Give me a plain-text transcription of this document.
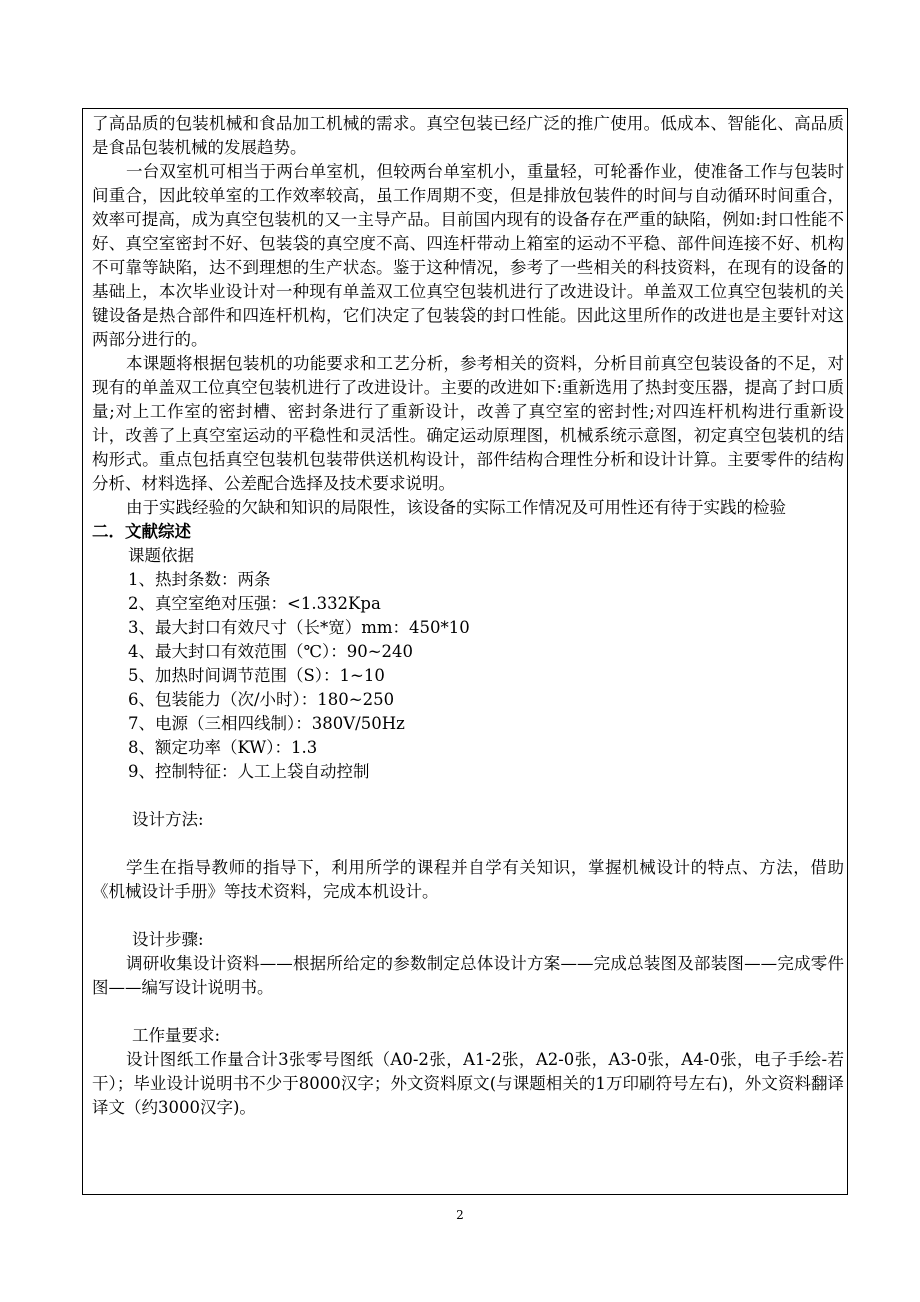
了高品质的包装机械和食品加工机械的需求。真空包装已经广泛的推广使用。低成本、智能化、高品质是食品包装机械的发展趋势。

一台双室机可相当于两台单室机，但较两台单室机小，重量轻，可轮番作业，使准备工作与包装时间重合，因此较单室的工作效率较高，虽工作周期不变，但是排放包装件的时间与自动循环时间重合，效率可提高，成为真空包装机的又一主导产品。目前国内现有的设备存在严重的缺陷，例如:封口性能不好、真空室密封不好、包装袋的真空度不高、四连杆带动上箱室的运动不平稳、部件间连接不好、机构不可靠等缺陷，达不到理想的生产状态。鉴于这种情况，参考了一些相关的科技资料，在现有的设备的基础上，本次毕业设计对一种现有单盖双工位真空包装机进行了改进设计。单盖双工位真空包装机的关键设备是热合部件和四连杆机构，它们决定了包装袋的封口性能。因此这里所作的改进也是主要针对这两部分进行的。

本课题将根据包装机的功能要求和工艺分析，参考相关的资料，分析目前真空包装设备的不足，对现有的单盖双工位真空包装机进行了改进设计。主要的改进如下:重新选用了热封变压器，提高了封口质量;对上工作室的密封槽、密封条进行了重新设计，改善了真空室的密封性;对四连杆机构进行重新设计，改善了上真空室运动的平稳性和灵活性。确定运动原理图，机械系统示意图，初定真空包装机的结构形式。重点包括真空包装机包装带供送机构设计，部件结构合理性分析和设计计算。主要零件的结构分析、材料选择、公差配合选择及技术要求说明。

由于实践经验的欠缺和知识的局限性，该设备的实际工作情况及可用性还有待于实践的检验

二．文献综述

课题依据

1、热封条数：两条

2、真空室绝对压强：<1.332Kpa

3、最大封口有效尺寸（长*宽）mm：450*10

4、最大封口有效范围（℃）：90~240

5、加热时间调节范围（S）：1~10

6、包装能力（次/小时）：180~250

7、电源（三相四线制）：380V/50Hz

8、额定功率（KW）：1.3

9、控制特征：人工上袋自动控制

设计方法:

学生在指导教师的指导下，利用所学的课程并自学有关知识，掌握机械设计的特点、方法，借助《机械设计手册》等技术资料，完成本机设计。

设计步骤:

调研收集设计资料——根据所给定的参数制定总体设计方案——完成总装图及部装图——完成零件图——编写设计说明书。

工作量要求:

设计图纸工作量合计3张零号图纸（A0-2张，A1-2张，A2-0张，A3-0张，A4-0张，电子手绘-若干）；毕业设计说明书不少于8000汉字；外文资料原文(与课题相关的1万印刷符号左右)，外文资料翻译译文（约3000汉字)。

2
